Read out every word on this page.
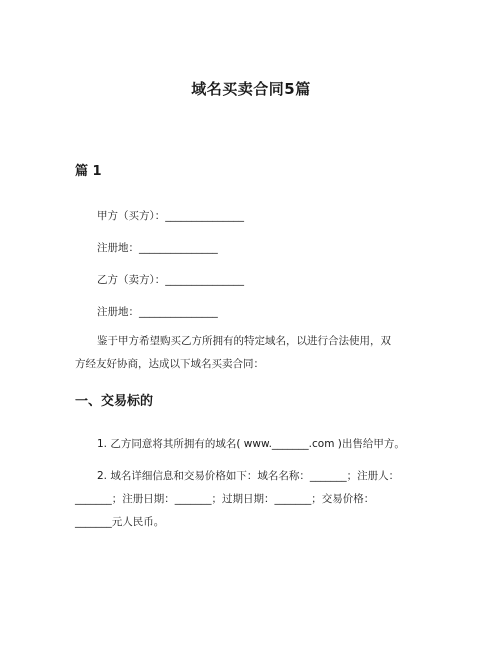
域名买卖合同5篇
篇 1
甲方（买方）：_______________
注册地：_______________
乙方（卖方）：_______________
注册地：_______________
鉴于甲方希望购买乙方所拥有的特定域名，以进行合法使用，双
方经友好协商，达成以下域名买卖合同：
一、交易标的
1. 乙方同意将其所拥有的域名( www._______.com )出售给甲方。
2. 域名详细信息和交易价格如下：域名名称：_______；注册人：
_______；注册日期：_______；过期日期：_______；交易价格：
_______元人民币。
